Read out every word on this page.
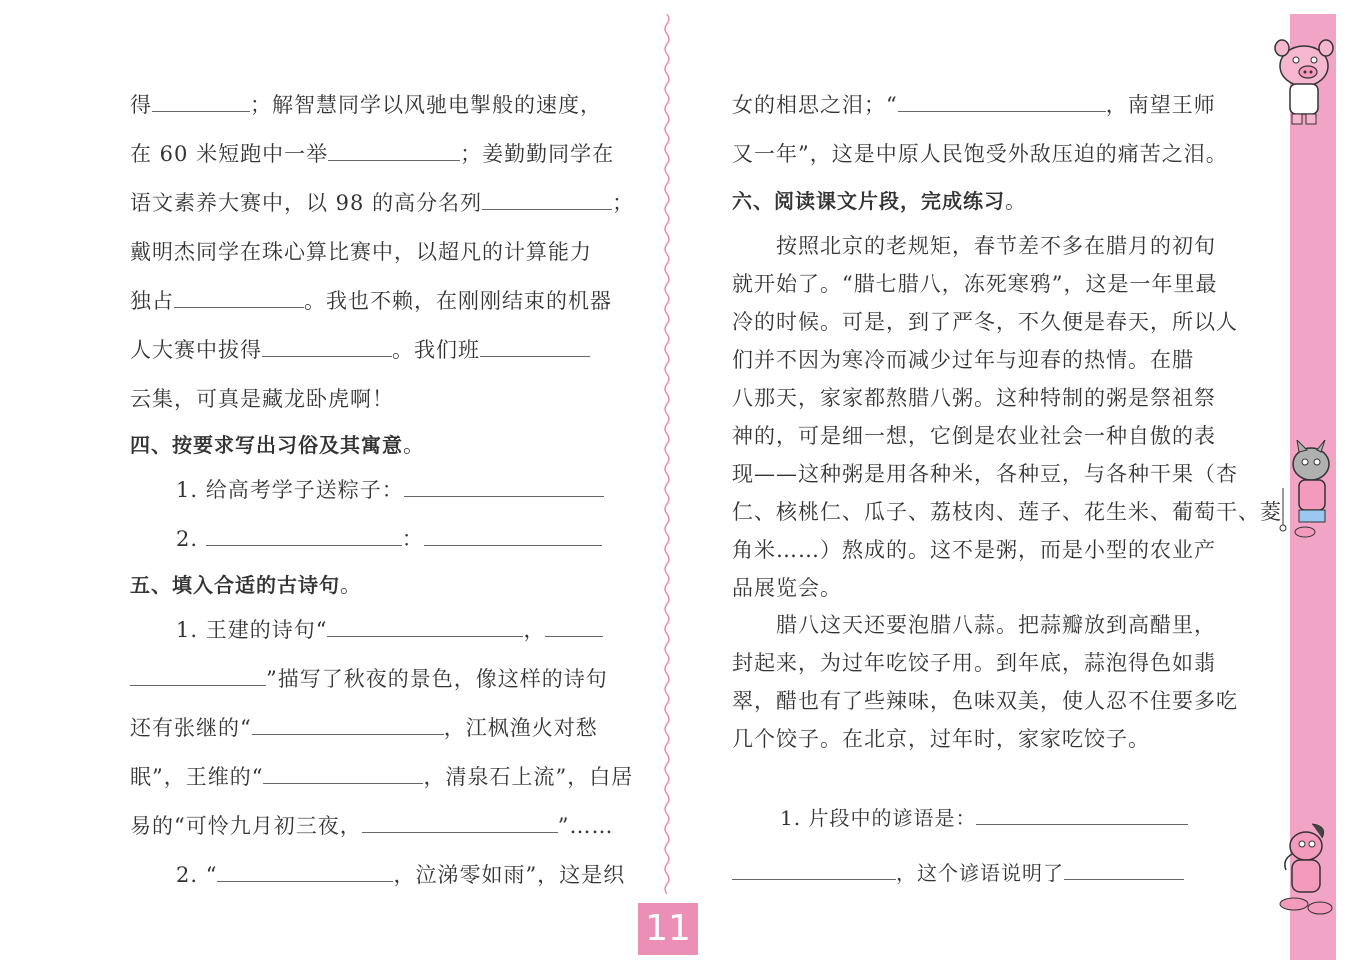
得	；解智慧同学以风驰电掣般的速度，
在 60 米短跑中一举	；姜勤勤同学在
语文素养大赛中，以 98 的高分名列	；
戴明杰同学在珠心算比赛中，以超凡的计算能力
独占	。我也不赖，在刚刚结束的机器
人大赛中拔得	。我们班
云集，可真是藏龙卧虎啊！
四、按要求写出习俗及其寓意。
1. 给高考学子送粽子：
2.	：
五、填入合适的古诗句。
1. 王建的诗句“	，
”描写了秋夜的景色，像这样的诗句
还有张继的“	，江枫渔火对愁
眠”，王维的“	，清泉石上流”，白居
易的“可怜九月初三夜，	”……
2. “	，泣涕零如雨”，这是织
女的相思之泪；“	，南望王师
又一年”，这是中原人民饱受外敌压迫的痛苦之泪。
六、阅读课文片段，完成练习。
按照北京的老规矩，春节差不多在腊月的初旬
就开始了。“腊七腊八，冻死寒鸦”，这是一年里最
冷的时候。可是，到了严冬，不久便是春天，所以人
们并不因为寒冷而减少过年与迎春的热情。在腊
八那天，家家都熬腊八粥。这种特制的粥是祭祖祭
神的，可是细一想，它倒是农业社会一种自傲的表
现——这种粥是用各种米，各种豆，与各种干果（杏
仁、核桃仁、瓜子、荔枝肉、莲子、花生米、葡萄干、菱
角米……）熬成的。这不是粥，而是小型的农业产
品展览会。
腊八这天还要泡腊八蒜。把蒜瓣放到高醋里，
封起来，为过年吃饺子用。到年底，蒜泡得色如翡
翠，醋也有了些辣味，色味双美，使人忍不住要多吃
几个饺子。在北京，过年时，家家吃饺子。
1. 片段中的谚语是：
，这个谚语说明了
11
